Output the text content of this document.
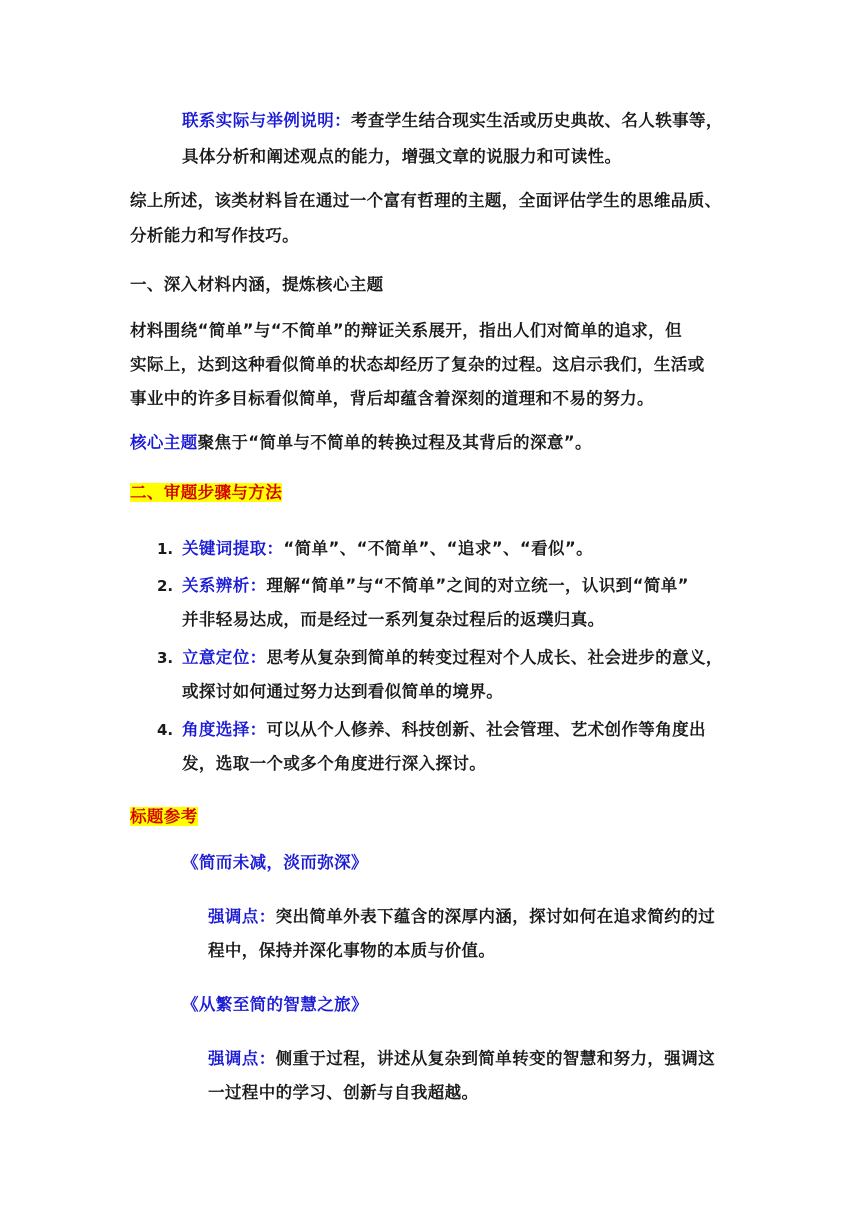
联系实际与举例说明：考查学生结合现实生活或历史典故、名人轶事等，
具体分析和阐述观点的能力，增强文章的说服力和可读性。
综上所述，该类材料旨在通过一个富有哲理的主题，全面评估学生的思维品质、
分析能力和写作技巧。
一、深入材料内涵，提炼核心主题
材料围绕“简单”与“不简单”的辩证关系展开，指出人们对简单的追求，但
实际上，达到这种看似简单的状态却经历了复杂的过程。这启示我们，生活或
事业中的许多目标看似简单，背后却蕴含着深刻的道理和不易的努力。
核心主题聚焦于“简单与不简单的转换过程及其背后的深意”。
二、审题步骤与方法
1. 关键词提取：“简单”、“不简单”、“追求”、“看似”。
2. 关系辨析：理解“简单”与“不简单”之间的对立统一，认识到“简单”
并非轻易达成，而是经过一系列复杂过程后的返璞归真。
3. 立意定位：思考从复杂到简单的转变过程对个人成长、社会进步的意义，
或探讨如何通过努力达到看似简单的境界。
4. 角度选择：可以从个人修养、科技创新、社会管理、艺术创作等角度出
发，选取一个或多个角度进行深入探讨。
标题参考
《简而未减，淡而弥深》
强调点：突出简单外表下蕴含的深厚内涵，探讨如何在追求简约的过
程中，保持并深化事物的本质与价值。
《从繁至简的智慧之旅》
强调点：侧重于过程，讲述从复杂到简单转变的智慧和努力，强调这
一过程中的学习、创新与自我超越。
